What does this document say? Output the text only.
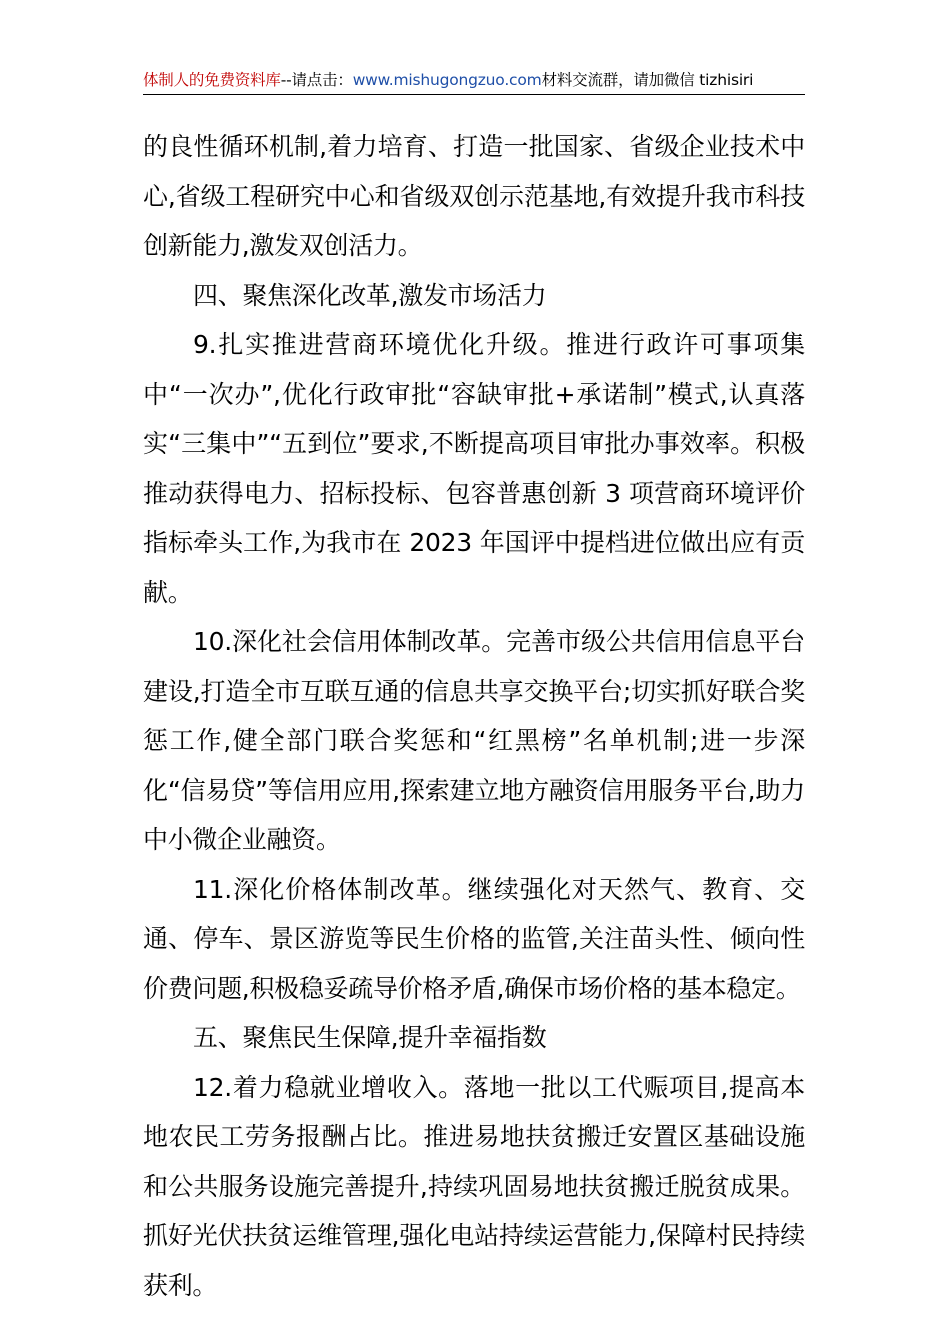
体制人的免费资料库--请点击：www.mishugongzuo.com材料交流群，请加微信 tizhisiri

的良性循环机制,着力培育、打造一批国家、省级企业技术中心,省级工程研究中心和省级双创示范基地,有效提升我市科技创新能力,激发双创活力。

四、聚焦深化改革,激发市场活力

9.扎实推进营商环境优化升级。推进行政许可事项集中“一次办”,优化行政审批“容缺审批+承诺制”模式,认真落实“三集中”“五到位”要求,不断提高项目审批办事效率。积极推动获得电力、招标投标、包容普惠创新 3 项营商环境评价指标牵头工作,为我市在 2023 年国评中提档进位做出应有贡献。

10.深化社会信用体制改革。完善市级公共信用信息平台建设,打造全市互联互通的信息共享交换平台;切实抓好联合奖惩工作,健全部门联合奖惩和“红黑榜”名单机制;进一步深化“信易贷”等信用应用,探索建立地方融资信用服务平台,助力中小微企业融资。

11.深化价格体制改革。继续强化对天然气、教育、交通、停车、景区游览等民生价格的监管,关注苗头性、倾向性价费问题,积极稳妥疏导价格矛盾,确保市场价格的基本稳定。

五、聚焦民生保障,提升幸福指数

12.着力稳就业增收入。落地一批以工代赈项目,提高本地农民工劳务报酬占比。推进易地扶贫搬迁安置区基础设施和公共服务设施完善提升,持续巩固易地扶贫搬迁脱贫成果。抓好光伏扶贫运维管理,强化电站持续运营能力,保障村民持续获利。
